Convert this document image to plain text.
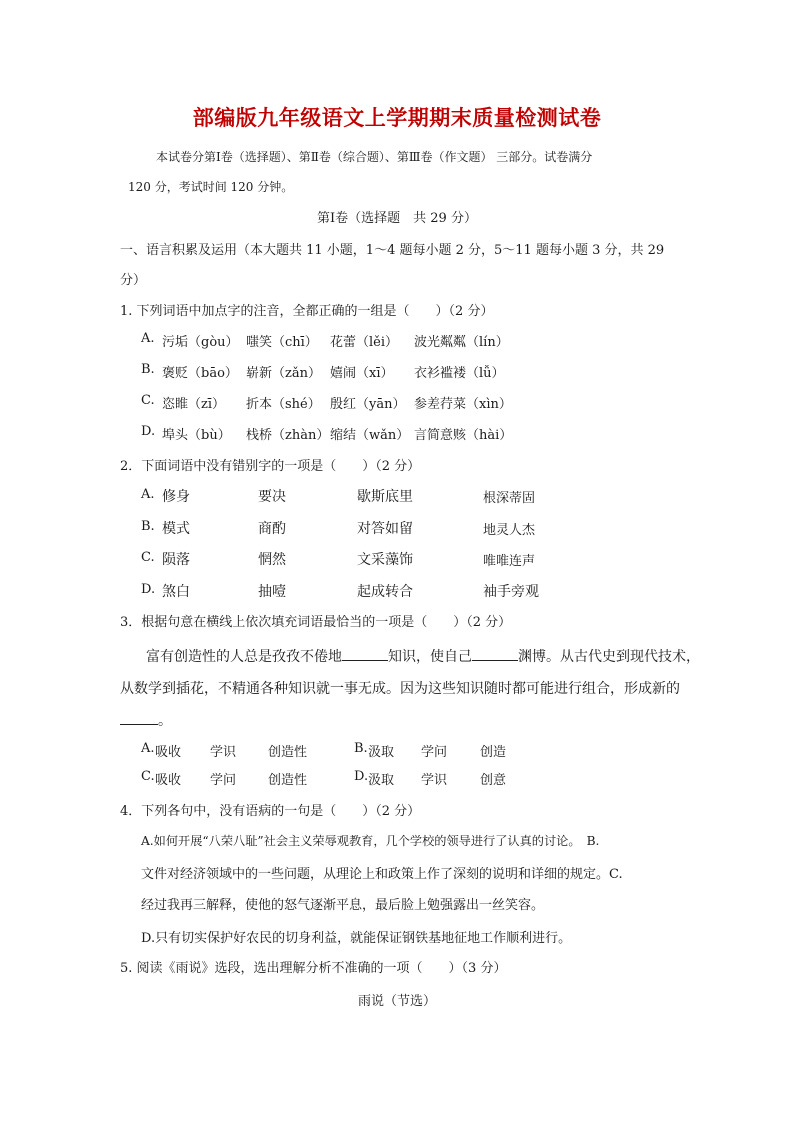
部编版九年级语文上学期期末质量检测试卷
本试卷分第Ⅰ卷（选择题）、第Ⅱ卷（综合题）、第Ⅲ卷（作文题） 三部分。试卷满分
120 分，考试时间 120 分钟。
第Ⅰ卷（选择题　共 29 分）
一、语言积累及运用（本大题共 11 小题，1～4 题每小题 2 分，5～11 题每小题 3 分，共 29
分）
1. 下列词语中加点字的注音，全都正确的一组是（　　）（2 分）
A. 污垢（gòu） 嗤笑（chī） 花蕾（lěi） 波光粼粼（lín）
B. 褒贬（bāo） 崭新（zǎn） 嬉闹（xī） 衣衫褴褛（lǚ）
C. 恣睢（zī） 折本（shé） 殷红（yān） 参差荇菜（xìn）
D. 埠头（bù） 栈桥（zhàn） 缩结（wǎn） 言简意赅（hài）
2．下面词语中没有错别字的一项是（　　）（2 分）
A. 修身	要决	歇斯底里	根深蒂固
B. 模式	商酌	对答如留	地灵人杰
C. 陨落	惘然	文采藻饰	唯唯连声
D. 煞白	抽噎	起成转合	袖手旁观
3．根据句意在横线上依次填充词语最恰当的一项是（　　）（2 分）
富有创造性的人总是孜孜不倦地	知识，使自己	渊博。从古代史到现代技术，
从数学到插花，不精通各种知识就一事无成。因为这些知识随时都可能进行组合，形成新的
。
A. 吸收 学识 创造性	B. 汲取 学问	创造
C. 吸收 学问 创造性	D. 汲取 学识	创意
4．下列各句中，没有语病的一句是（　　）（2 分）
A.如何开展“八荣八耻”社会主义荣辱观教育，几个学校的领导进行了认真的讨论。　B.
文件对经济领域中的一些问题，从理论上和政策上作了深刻的说明和详细的规定。C.
经过我再三解释，使他的怒气逐渐平息，最后脸上勉强露出一丝笑容。
D.只有切实保护好农民的切身利益，就能保证钢铁基地征地工作顺利进行。
5. 阅读《雨说》选段，选出理解分析不准确的一项（　　）（3 分）
雨说（节选）
